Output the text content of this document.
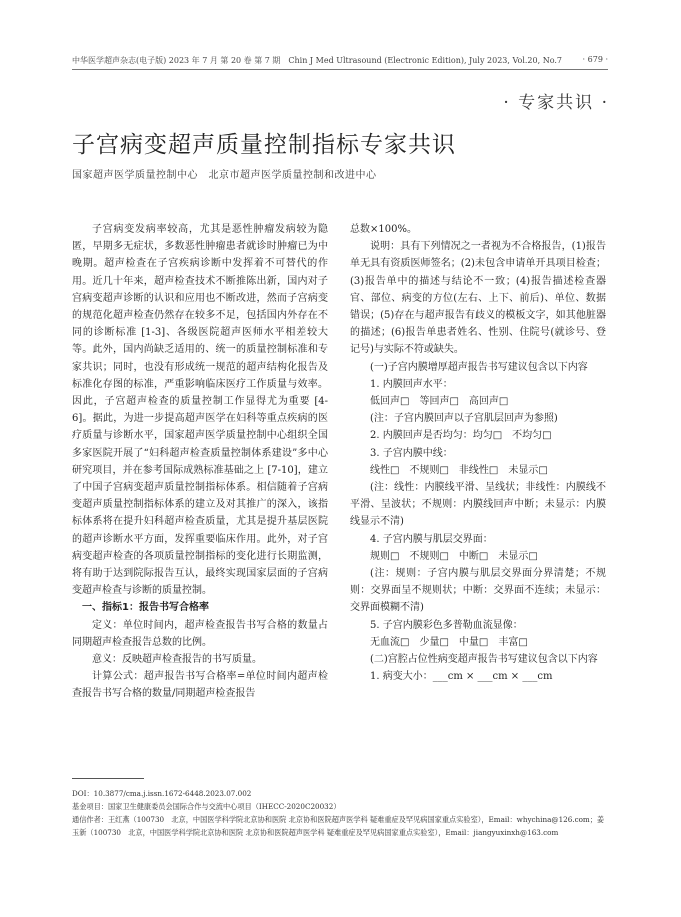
中华医学超声杂志(电子版) 2023 年 7 月 第 20 卷 第 7 期　Chin J Med Ultrasound (Electronic Edition), July 2023, Vol.20, No.7	· 679 ·
· 专家共识 ·
子宫病变超声质量控制指标专家共识
国家超声医学质量控制中心　北京市超声医学质量控制和改进中心

子宫病变发病率较高，尤其是恶性肿瘤发病较为隐匿，早期多无症状，多数恶性肿瘤患者就诊时肿瘤已为中晚期。超声检查在子宫疾病诊断中发挥着不可替代的作用。近几十年来，超声检查技术不断推陈出新，国内对子宫病变超声诊断的认识和应用也不断改进，然而子宫病变的规范化超声检查仍然存在较多不足，包括国内外存在不同的诊断标准 [1-3]、各级医院超声医师水平相差较大等。此外，国内尚缺乏适用的、统一的质量控制标准和专家共识；同时，也没有形成统一规范的超声结构化报告及标准化存图的标准，严重影响临床医疗工作质量与效率。因此，子宫超声检查的质量控制工作显得尤为重要 [4-6]。据此，为进一步提高超声医学在妇科等重点疾病的医疗质量与诊断水平，国家超声医学质量控制中心组织全国多家医院开展了“妇科超声检查质量控制体系建设”多中心研究项目，并在参考国际成熟标准基础之上 [7-10]，建立了中国子宫病变超声质量控制指标体系。相信随着子宫病变超声质量控制指标体系的建立及对其推广的深入，该指标体系将在提升妇科超声检查质量，尤其是提升基层医院的超声诊断水平方面，发挥重要临床作用。此外，对子宫病变超声检查的各项质量控制指标的变化进行长期监测，将有助于达到院际报告互认，最终实现国家层面的子宫病变超声检查与诊断的质量控制。

一、指标1：报告书写合格率

定义：单位时间内，超声检查报告书写合格的数量占同期超声检查报告总数的比例。

意义：反映超声检查报告的书写质量。

计算公式：超声报告书写合格率=单位时间内超声检查报告书写合格的数量/同期超声检查报告

总数×100%。

说明：具有下列情况之一者视为不合格报告，(1)报告单无具有资质医师签名；(2)未包含申请单开具项目检查；(3)报告单中的描述与结论不一致；(4)报告描述检查器官、部位、病变的方位(左右、上下、前后)、单位、数据错误；(5)存在与超声报告有歧义的模板文字，如其他脏器的描述；(6)报告单患者姓名、性别、住院号(就诊号、登记号)与实际不符或缺失。

(一)子宫内膜增厚超声报告书写建议包含以下内容

1. 内膜回声水平：

低回声□　等回声□　高回声□

(注：子宫内膜回声以子宫肌层回声为参照)

2. 内膜回声是否均匀：均匀□　不均匀□

3. 子宫内膜中线：

线性□　不规则□　非线性□　未显示□

(注：线性：内膜线平滑、呈线状；非线性：内膜线不平滑、呈波状；不规则：内膜线回声中断；未显示：内膜线显示不清)

4. 子宫内膜与肌层交界面：

规则□　不规则□　中断□　未显示□

(注：规则：子宫内膜与肌层交界面分界清楚；不规则：交界面呈不规则状；中断：交界面不连续；未显示：交界面模糊不清)

5. 子宫内膜彩色多普勒血流显像：

无血流□　少量□　中量□　丰富□

(二)宫腔占位性病变超声报告书写建议包含以下内容

1. 病变大小：___cm × ___cm × ___cm

DOI：10.3877/cma.j.issn.1672-6448.2023.07.002

基金项目：国家卫生健康委员会国际合作与交流中心项目（IHECC-2020C20032）

通信作者：王红燕（100730　北京，中国医学科学院北京协和医院 北京协和医院超声医学科 疑难重症及罕见病国家重点实验室），Email：whychina@126.com；姜玉新（100730　北京，中国医学科学院北京协和医院 北京协和医院超声医学科 疑难重症及罕见病国家重点实验室），Email：jiangyuxinxh@163.com
